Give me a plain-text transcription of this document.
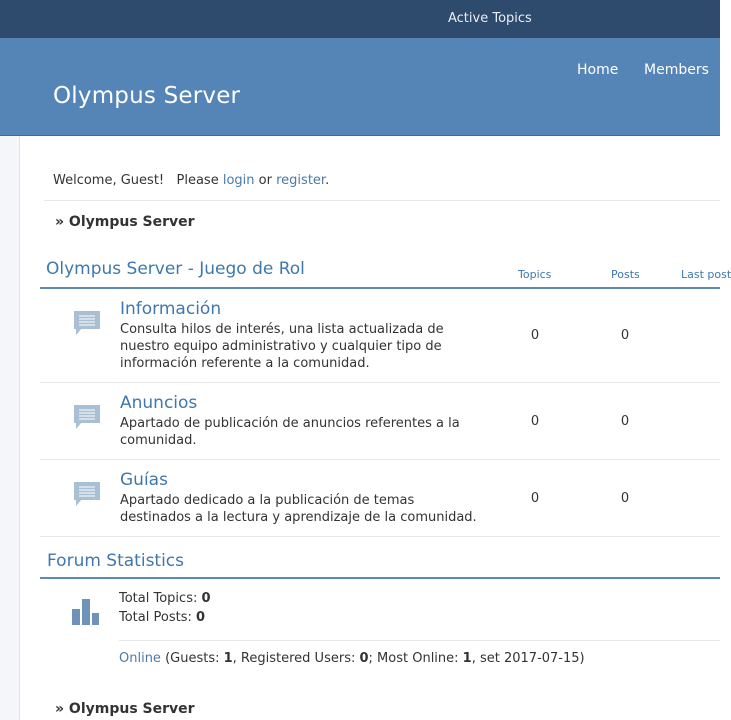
Active Topics
Olympus Server
Home Members
Welcome, Guest!   Please login or register.
» Olympus Server
Olympus Server - Juego de Rol	Topics	Posts	Last post
Información
Consulta hilos de interés, una lista actualizada de nuestro equipo administrativo y cualquier tipo de información referente a la comunidad.
0	0
Anuncios
Apartado de publicación de anuncios referentes a la comunidad.
0	0
Guías
Apartado dedicado a la publicación de temas destinados a la lectura y aprendizaje de la comunidad.
0	0
Forum Statistics
Total Topics: 0
Total Posts: 0
Online (Guests: 1, Registered Users: 0; Most Online: 1, set 2017-07-15)
» Olympus Server
